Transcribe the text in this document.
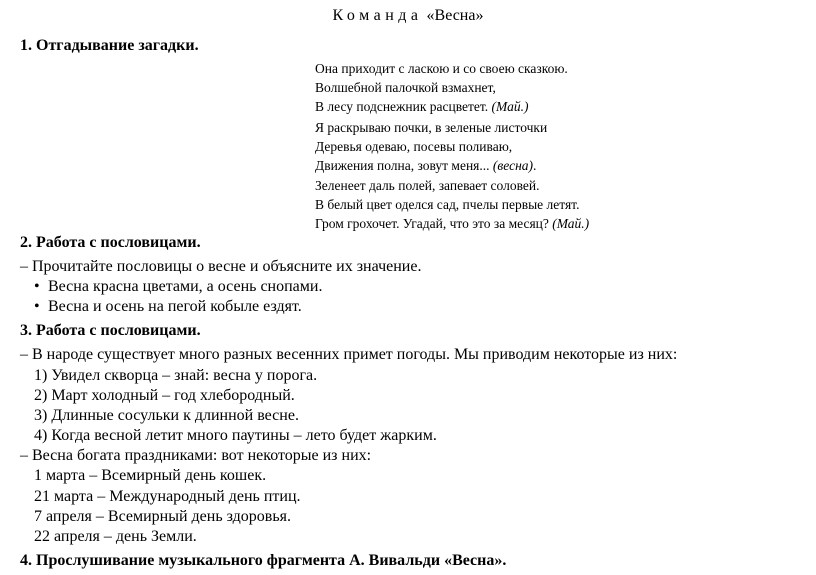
Команда «Весна»
1. Отгадывание загадки.
Она приходит с ласкою и со своею сказкою.
Волшебной палочкой взмахнет,
В лесу подснежник расцветет. (Май.)
Я раскрываю почки, в зеленые листочки
Деревья одеваю, посевы поливаю,
Движения полна, зовут меня... (весна).
Зеленеет даль полей, запевает соловей.
В белый цвет оделся сад, пчелы первые летят.
Гром грохочет. Угадай, что это за месяц? (Май.)
2. Работа с пословицами.
– Прочитайте пословицы о весне и объясните их значение.
• Весна красна цветами, а осень снопами.
• Весна и осень на пегой кобыле ездят.
3. Работа с пословицами.
– В народе существует много разных весенних примет погоды. Мы приводим некоторые из них:
1) Увидел скворца – знай: весна у порога.
2) Март холодный – год хлебородный.
3) Длинные сосульки к длинной весне.
4) Когда весной летит много паутины – лето будет жарким.
– Весна богата праздниками: вот некоторые из них:
1 марта – Всемирный день кошек.
21 марта – Международный день птиц.
7 апреля – Всемирный день здоровья.
22 апреля – день Земли.
4. Прослушивание музыкального фрагмента А. Вивальди «Весна».
